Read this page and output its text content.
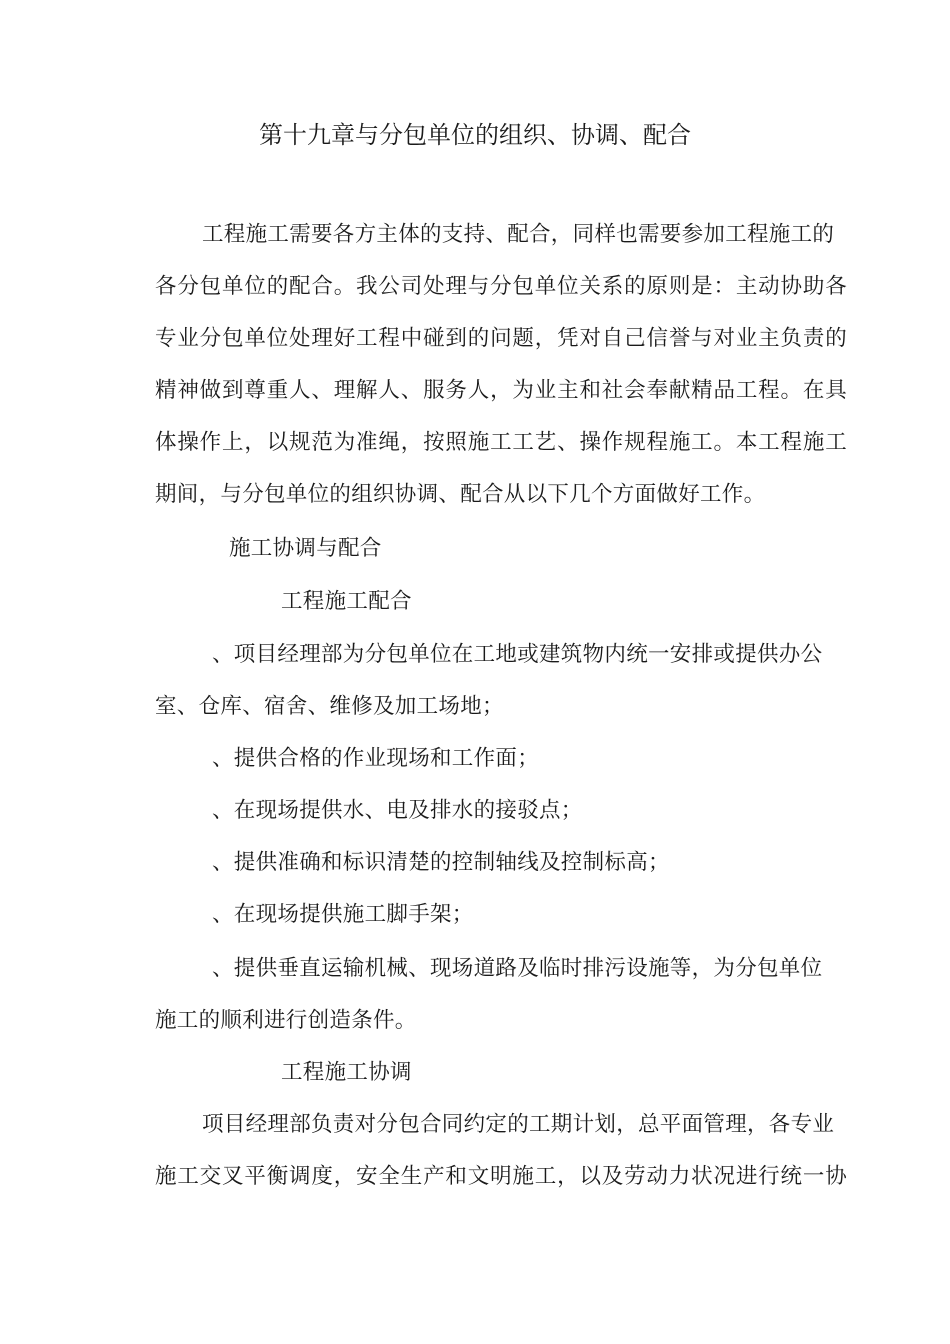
第十九章与分包单位的组织、协调、配合
工程施工需要各方主体的支持、配合，同样也需要参加工程施工的
各分包单位的配合。我公司处理与分包单位关系的原则是：主动协助各
专业分包单位处理好工程中碰到的问题，凭对自己信誉与对业主负责的
精神做到尊重人、理解人、服务人，为业主和社会奉献精品工程。在具
体操作上，以规范为准绳，按照施工工艺、操作规程施工。本工程施工
期间，与分包单位的组织协调、配合从以下几个方面做好工作。
施工协调与配合
工程施工配合
、项目经理部为分包单位在工地或建筑物内统一安排或提供办公
室、仓库、宿舍、维修及加工场地；
、提供合格的作业现场和工作面；
、在现场提供水、电及排水的接驳点；
、提供准确和标识清楚的控制轴线及控制标高；
、在现场提供施工脚手架；
、提供垂直运输机械、现场道路及临时排污设施等，为分包单位
施工的顺利进行创造条件。
工程施工协调
项目经理部负责对分包合同约定的工期计划，总平面管理，各专业
施工交叉平衡调度，安全生产和文明施工，以及劳动力状况进行统一协
